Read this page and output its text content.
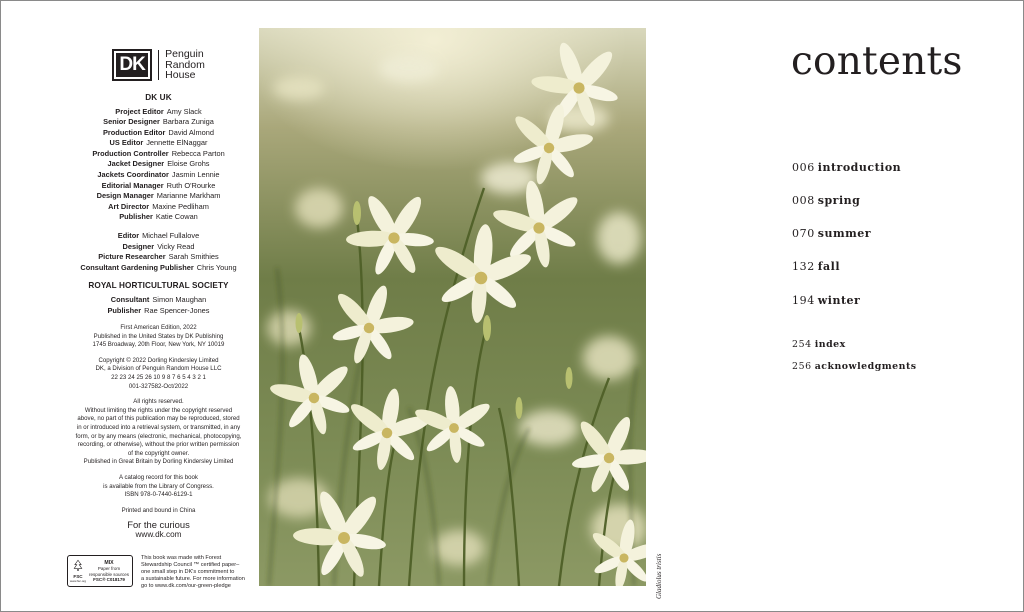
DK	Penguin
Random
House
DK UK
Project Editor Amy Slack
Senior Designer Barbara Zuniga
Production Editor David Almond
US Editor Jennette ElNaggar
Production Controller Rebecca Parton
Jacket Designer Eloise Grohs
Jackets Coordinator Jasmin Lennie
Editorial Manager Ruth O'Rourke
Design Manager Marianne Markham
Art Director Maxine Pedliham
Publisher Katie Cowan
Editor Michael Fullalove
Designer Vicky Read
Picture Researcher Sarah Smithies
Consultant Gardening Publisher Chris Young
ROYAL HORTICULTURAL SOCIETY
Consultant Simon Maughan
Publisher Rae Spencer-Jones
First American Edition, 2022
Published in the United States by DK Publishing
1745 Broadway, 20th Floor, New York, NY 10019
Copyright © 2022 Dorling Kindersley Limited
DK, a Division of Penguin Random House LLC
22 23 24 25 26 10 9 8 7 6 5 4 3 2 1
001-327582-Oct/2022
All rights reserved.
Without limiting the rights under the copyright reserved
above, no part of this publication may be reproduced, stored
in or introduced into a retrieval system, or transmitted, in any
form, or by any means (electronic, mechanical, photocopying,
recording, or otherwise), without the prior written permission
of the copyright owner.
Published in Great Britain by Dorling Kindersley Limited
A catalog record for this book
is available from the Library of Congress.
ISBN 978-0-7440-6129-1
Printed and bound in China
For the curious
www.dk.com
FSC
www.fsc.org
MIX
Paper from
responsible sources
FSC® C018179
This book was made with Forest
Stewardship Council ™ certified paper–
one small step in DK's commitment to
a sustainable future. For more information
go to www.dk.com/our-green-pledge	Gladiolus tristis
contents
006 introduction
008 spring
070 summer
132 fall
194 winter
254 index
256 acknowledgments
